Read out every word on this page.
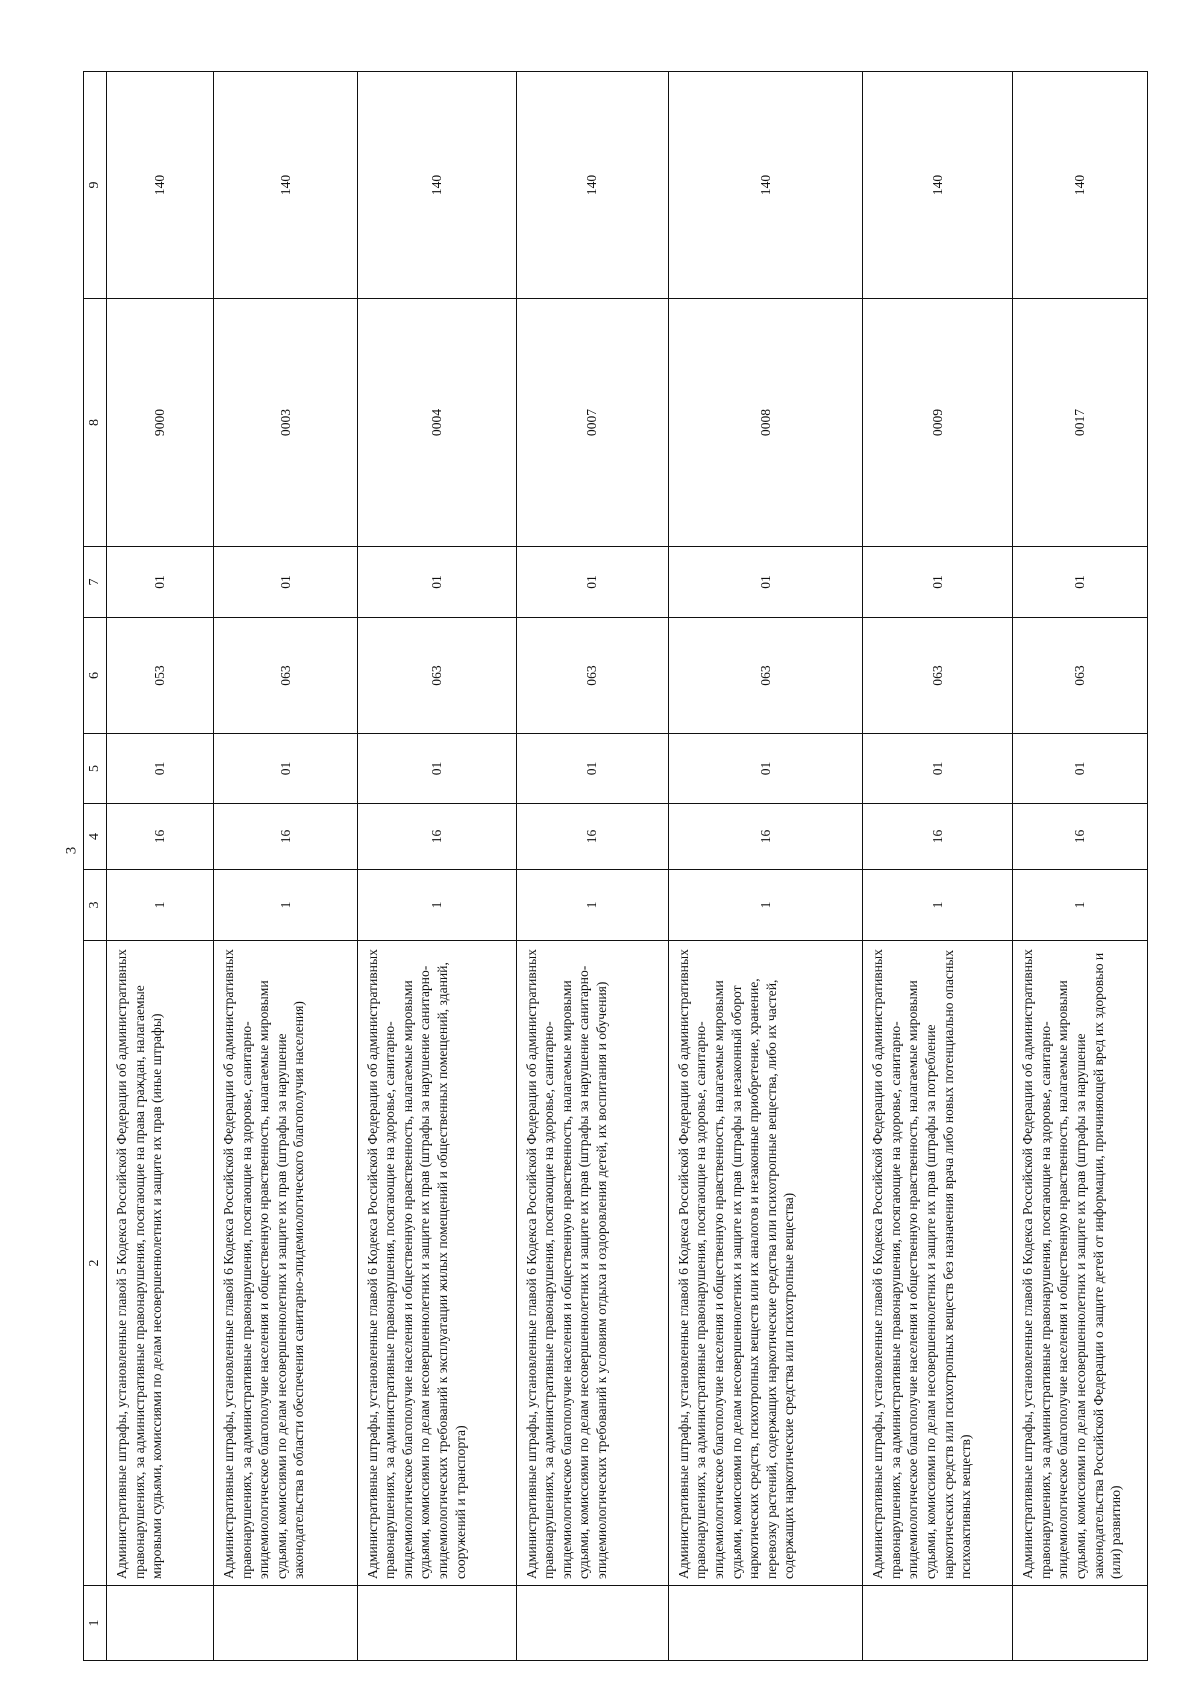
3
1	2	3	4	5	6	7	8	9
	Административные штрафы, установленные главой 5 Кодекса Российской Федерации об административных правонарушениях, за административные правонарушения, посягающие на права граждан, налагаемые мировыми судьями, комиссиями по делам несовершеннолетних и защите их прав (иные штрафы)	1	16	01	053	01	9000	140
	Административные штрафы, установленные главой 6 Кодекса Российской Федерации об административных правонарушениях, за административные правонарушения, посягающие на здоровье, санитарно-эпидемиологическое благополучие населения и общественную нравственность, налагаемые мировыми судьями, комиссиями по делам несовершеннолетних и защите их прав (штрафы за нарушение законодательства в области обеспечения санитарно-эпидемиологического благополучия населения)	1	16	01	063	01	0003	140
	Административные штрафы, установленные главой 6 Кодекса Российской Федерации об административных правонарушениях, за административные правонарушения, посягающие на здоровье, санитарно-эпидемиологическое благополучие населения и общественную нравственность, налагаемые мировыми судьями, комиссиями по делам несовершеннолетних и защите их прав (штрафы за нарушение санитарно-эпидемиологических требований к эксплуатации жилых помещений и общественных помещений, зданий, сооружений и транспорта)	1	16	01	063	01	0004	140
	Административные штрафы, установленные главой 6 Кодекса Российской Федерации об административных правонарушениях, за административные правонарушения, посягающие на здоровье, санитарно-эпидемиологическое благополучие населения и общественную нравственность, налагаемые мировыми судьями, комиссиями по делам несовершеннолетних и защите их прав (штрафы за нарушение санитарно-эпидемиологических требований к условиям отдыха и оздоровления детей, их воспитания и обучения)	1	16	01	063	01	0007	140
	Административные штрафы, установленные главой 6 Кодекса Российской Федерации об административных правонарушениях, за административные правонарушения, посягающие на здоровье, санитарно-эпидемиологическое благополучие населения и общественную нравственность, налагаемые мировыми судьями, комиссиями по делам несовершеннолетних и защите их прав (штрафы за незаконный оборот наркотических средств, психотропных веществ или их аналогов и незаконные приобретение, хранение, перевозку растений, содержащих наркотические средства или психотропные вещества, либо их частей, содержащих наркотические средства или психотропные вещества)	1	16	01	063	01	0008	140
	Административные штрафы, установленные главой 6 Кодекса Российской Федерации об административных правонарушениях, за административные правонарушения, посягающие на здоровье, санитарно-эпидемиологическое благополучие населения и общественную нравственность, налагаемые мировыми судьями, комиссиями по делам несовершеннолетних и защите их прав (штрафы за потребление наркотических средств или психотропных веществ без назначения врача либо новых потенциально опасных психоактивных веществ)	1	16	01	063	01	0009	140
	Административные штрафы, установленные главой 6 Кодекса Российской Федерации об административных правонарушениях, за административные правонарушения, посягающие на здоровье, санитарно-эпидемиологическое благополучие населения и общественную нравственность, налагаемые мировыми судьями, комиссиями по делам несовершеннолетних и защите их прав (штрафы за нарушение законодательства Российской Федерации о защите детей от информации, причиняющей вред их здоровью и (или) развитию)	1	16	01	063	01	0017	140
